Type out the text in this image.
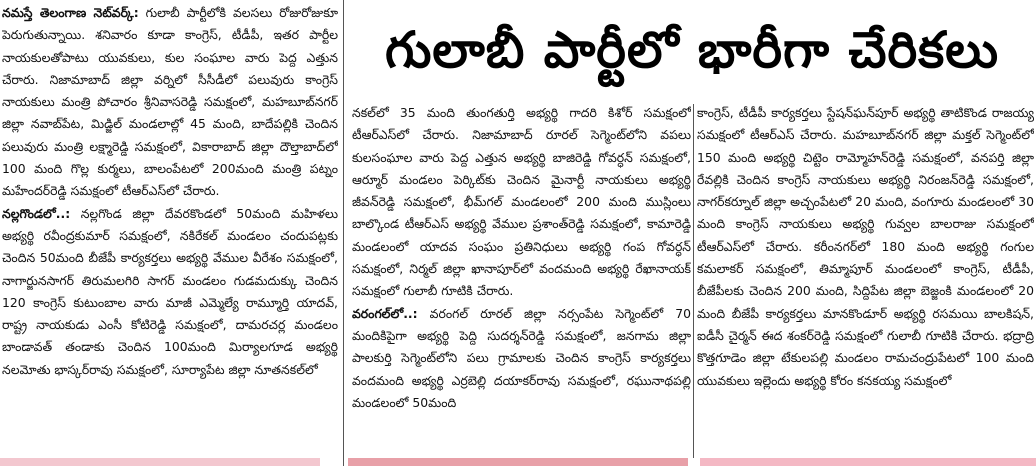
నమస్తే తెలంగాణ నెట్‌వర్క్: గులాబీ పార్టీలోకి వలసలు రోజురోజుకూ పెరుగుతున్నాయి. శనివారం కూడా కాంగ్రెస్, టీడీపీ, ఇతర పార్టీల నాయకులతోపాటు యువకులు, కుల సంఘాల వారు పెద్ద ఎత్తున చేరారు. నిజామాబాద్ జిల్లా వర్నిలో సీసీడీలో పలువురు కాంగ్రెస్ నాయకులు మంత్రి పోచారం శ్రీనివాసరెడ్డి సమక్షంలో, మహబూబ్‌నగర్ జిల్లా నవాబ్‌పేట, మిడ్జిల్ మండలాల్లో 45 మంది, బాదేపల్లికి చెందిన పలువురు మంత్రి లక్ష్మారెడ్డి సమక్షంలో, వికారాబాద్ జిల్లా దౌల్తాబాద్‌లో 100 మంది గొల్ల కుర్మలు, బాలంపేటలో 200మంది మంత్రి పట్నం మహేందర్‌రెడ్డి సమక్షంలో టీఆర్‌ఎస్‌లో చేరారు.

నల్లగొండలో..: నల్లగొండ జిల్లా దేవరకొండలో 50మంది మహిళలు అభ్యర్థి రవీంద్రకుమార్ సమక్షంలో, నకిరేకల్ మండలం చందుపట్లకు చెందిన 50మంది బీజేపీ కార్యకర్తలు అభ్యర్థి వేముల వీరేశం సమక్షంలో, నాగార్జునసాగర్ తిరుమలగిరి సాగర్ మండలం గుడమదుక్కు చెందిన 120 కాంగ్రెస్ కుటుంబాల వారు మాజీ ఎమ్మెల్యే రామ్మూర్తి యాదవ్, రాష్ట్ర నాయకుడు ఎంసీ కోటిరెడ్డి సమక్షంలో, దామరచర్ల మండలం బాండావత్ తండాకు చెందిన 100మంది మిర్యాలగూడ అభ్యర్థి నలమోతు భాస్కర్‌రావు సమక్షంలో, సూర్యాపేట జిల్లా నూతనకల్‌లో

గులాబీ పార్టీలో భారీగా చేరికలు

నకల్‌లో 35 మంది తుంగతుర్తి అభ్యర్థి గాదరి కిశోర్ సమక్షంలో టీఆర్‌ఎస్‌లో చేరారు. నిజామాబాద్ రూరల్ సెగ్మెంట్‌లోని వపలు కులసంఘాల వారు పెద్ద ఎత్తున అభ్యర్థి బాజిరెడ్డి గోవర్ధన్ సమక్షంలో, ఆర్మూర్ మండలం పెర్కిట్‌కు చెందిన మైనార్టీ నాయకులు అభ్యర్థి జీవన్‌రెడ్డి సమక్షంలో, భీమ్‌గల్ మండలంలో 200 మంది ముస్లింలు బాల్కొండ టీఆర్‌ఎస్ అభ్యర్థి వేముల ప్రశాంత్‌రెడ్డి సమక్షంలో, కామారెడ్డి మండలంలో యాదవ సంఘం ప్రతినిధులు అభ్యర్థి గంప గోవర్ధన్ సమక్షంలో, నిర్మల్ జిల్లా ఖానాపూర్‌లో వందమంది అభ్యర్థి రేఖానాయక్ సమక్షంలో గులాబీ గూటికి చేరారు.

వరంగల్‌లో..: వరంగల్ రూరల్ జిల్లా నర్సంపేట సెగ్మెంట్‌లో 70 మందికిపైగా అభ్యర్థి పెద్ది సుదర్శన్‌రెడ్డి సమక్షంలో, జనగామ జిల్లా పాలకుర్తి సెగ్మెంట్‌లోని పలు గ్రామాలకు చెందిన కాంగ్రెస్ కార్యకర్తలు వందమంది అభ్యర్థి ఎర్రబెల్లి దయాకర్‌రావు సమక్షంలో, రఘునాథపల్లి మండలంలో 50మంది

కాంగ్రెస్, టీడీపీ కార్యకర్తలు స్టేషన్‌ఘన్‌పూర్ అభ్యర్థి తాటికొండ రాజయ్య సమక్షంలో టీఆర్‌ఎస్ చేరారు. మహబూబ్‌నగర్ జిల్లా మక్తల్ సెగ్మెంట్‌లో 150 మంది అభ్యర్థి చిట్టెం రామ్మోహన్‌రెడ్డి సమక్షంలో, వనపర్తి జిల్లా రేవల్లికి చెందిన కాంగ్రెస్ నాయకులు అభ్యర్థి నిరంజన్‌రెడ్డి సమక్షంలో, నాగర్‌కర్నూల్ జిల్లా అచ్చంపేటలో 20 మంది, వంగూరు మండలంలో 30 మంది కాంగ్రెస్ నాయకులు అభ్యర్థి గువ్వల బాలరాజు సమక్షంలో టీఆర్‌ఎస్‌లో చేరారు. కరీంనగర్‌లో 180 మంది అభ్యర్థి గంగుల కమలాకర్ సమక్షంలో, తిమ్మాపూర్ మండలంలో కాంగ్రెస్, టీడీపీ, బీజేపీలకు చెందిన 200 మంది, సిద్దిపేట జిల్లా బెజ్జంకి మండలంలో 20 మంది బీజేపీ కార్యకర్తలు మానకొండూర్ అభ్యర్థి రసమయి బాలకిషన్, ఐడీసీ చైర్మన్ ఈద శంకర్‌రెడ్డి సమక్షంలో గులాబీ గూటికి చేరారు. భద్రాద్రి కొత్తగూడెం జిల్లా టేకులపల్లి మండలం రామచంద్రుపేటలో 100 మంది యువకులు ఇల్లెందు అభ్యర్థి కోరం కనకయ్య సమక్షంలో
